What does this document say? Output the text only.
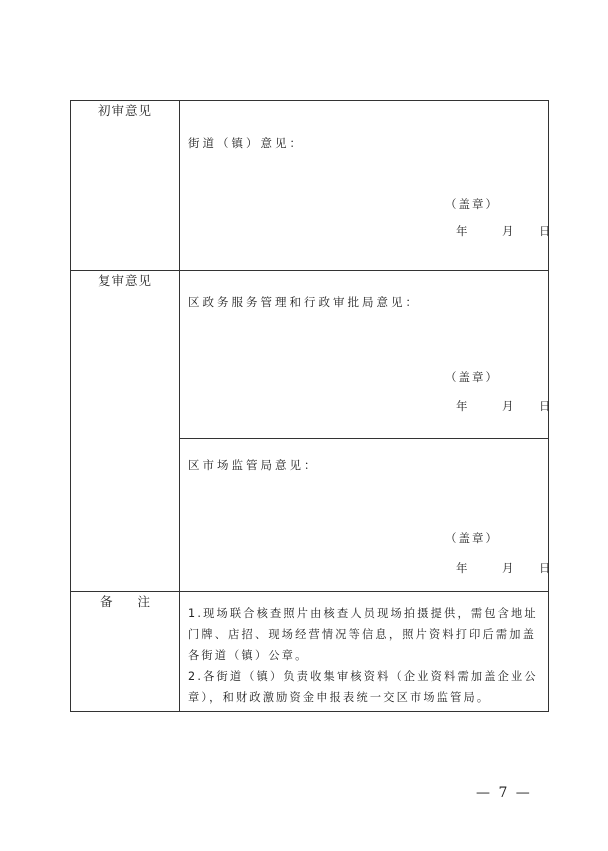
初审意见	街道（镇）意见：
（盖章）
年 月 日

复审意见	区政务服务管理和行政审批局意见：
（盖章）
年 月 日

	区市场监管局意见：
（盖章）
年 月 日

备　　注	1.现场联合核查照片由核查人员现场拍摄提供，需包含地址门牌、店招、现场经营情况等信息，照片资料打印后需加盖各街道（镇）公章。

2.各街道（镇）负责收集审核资料（企业资料需加盖企业公章），和财政激励资金申报表统一交区市场监管局。

— 7 —
